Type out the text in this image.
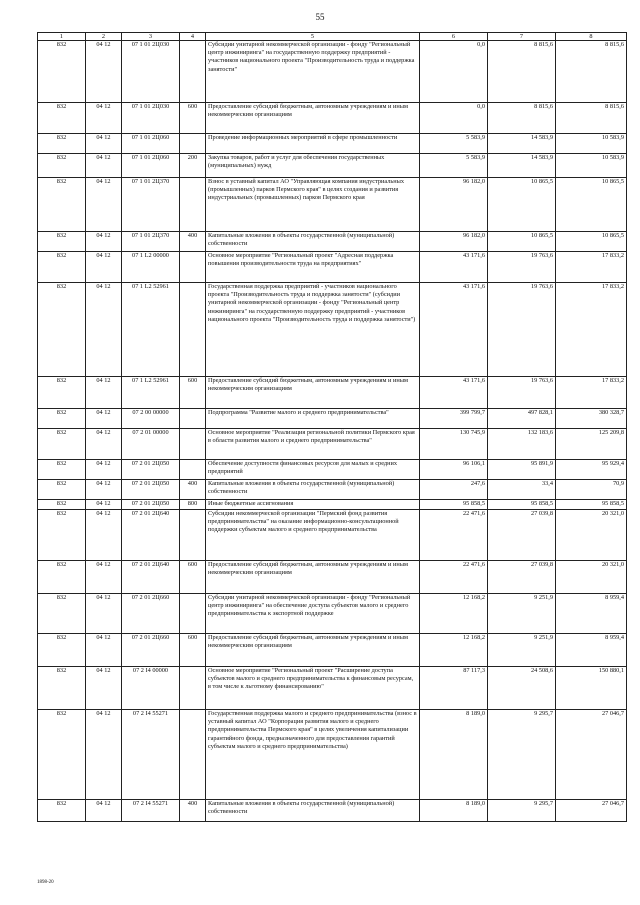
55
1	2	3	4	5	6	7	8
832	04 12	07 1 01 2Ц030		Субсидии унитарной некоммерческой организации - фонду "Региональный центр инжиниринга" на государственную поддержку предприятий - участников национального проекта "Производительность труда и поддержка занятости"	0,0	8 815,6	8 815,6
832	04 12	07 1 01 2Ц030	600	Предоставление субсидий бюджетным, автономным учреждениям и иным некоммерческим организациям	0,0	8 815,6	8 815,6
832	04 12	07 1 01 2Ц060		Проведение информационных мероприятий в сфере промышленности	5 583,9	14 583,9	10 583,9
832	04 12	07 1 01 2Ц060	200	Закупка товаров, работ и услуг для обеспечения государственных (муниципальных) нужд	5 583,9	14 583,9	10 583,9
832	04 12	07 1 01 2Ц370		Взнос в уставный капитал АО "Управляющая компания индустриальных (промышленных) парков Пермского края" в целях создания и развития индустриальных (промышленных) парков Пермского края	96 182,0	10 865,5	10 865,5
832	04 12	07 1 01 2Ц370	400	Капитальные вложения в объекты государственной (муниципальной) собственности	96 182,0	10 865,5	10 865,5
832	04 12	07 1 L2 00000		Основное мероприятие "Региональный проект "Адресная поддержка повышения производительности труда на предприятиях"	43 171,6	19 763,6	17 833,2
832	04 12	07 1 L2 52961		Государственная поддержка предприятий - участников национального проекта "Производительность труда и поддержка занятости" (субсидии унитарной некоммерческой организации - фонду "Региональный центр инжиниринга" на государственную поддержку предприятий - участников национального проекта "Производительность труда и поддержка занятости")	43 171,6	19 763,6	17 833,2
832	04 12	07 1 L2 52961	600	Предоставление субсидий бюджетным, автономным учреждениям и иным некоммерческим организациям	43 171,6	19 763,6	17 833,2
832	04 12	07 2 00 00000		Подпрограмма "Развитие малого и среднего предпринимательства"	399 799,7	497 828,1	380 328,7
832	04 12	07 2 01 00000		Основное мероприятие "Реализация региональной политики Пермского края в области развития малого и среднего предпринимательства"	130 745,9	132 183,6	125 209,8
832	04 12	07 2 01 2Ц050		Обеспечение доступности финансовых ресурсов для малых и средних предприятий	96 106,1	95 891,9	95 929,4
832	04 12	07 2 01 2Ц050	400	Капитальные вложения в объекты государственной (муниципальной) собственности	247,6	33,4	70,9
832	04 12	07 2 01 2Ц050	800	Иные бюджетные ассигнования	95 858,5	95 858,5	95 858,5
832	04 12	07 2 01 2Ц640		Субсидии некоммерческой организации "Пермский фонд развития предпринимательства" на оказание информационно-консультационной поддержки субъектам малого и среднего предпринимательства	22 471,6	27 039,8	20 321,0
832	04 12	07 2 01 2Ц640	600	Предоставление субсидий бюджетным, автономным учреждениям и иным некоммерческим организациям	22 471,6	27 039,8	20 321,0
832	04 12	07 2 01 2Ц660		Субсидии унитарной некоммерческой организации - фонду "Региональный центр инжиниринга" на обеспечение доступа субъектов малого и среднего предпринимательства к экспортной поддержке	12 168,2	9 251,9	8 959,4
832	04 12	07 2 01 2Ц660	600	Предоставление субсидий бюджетным, автономным учреждениям и иным некоммерческим организациям	12 168,2	9 251,9	8 959,4
832	04 12	07 2 I4 00000		Основное мероприятие "Региональный проект "Расширение доступа субъектов малого и среднего предпринимательства к финансовым ресурсам, в том числе к льготному финансированию"	87 117,3	24 508,6	150 880,1
832	04 12	07 2 I4 55271		Государственная поддержка малого и среднего предпринимательства (взнос в уставный капитал АО "Корпорация развития малого и среднего предпринимательства Пермского края" в целях увеличения капитализации гарантийного фонда, предназначенного для предоставления гарантий субъектам малого и среднего предпринимательства)	8 189,0	9 295,7	27 046,7
832	04 12	07 2 I4 55271	400	Капитальные вложения в объекты государственной (муниципальной) собственности	8 189,0	9 295,7	27 046,7
1898-20
